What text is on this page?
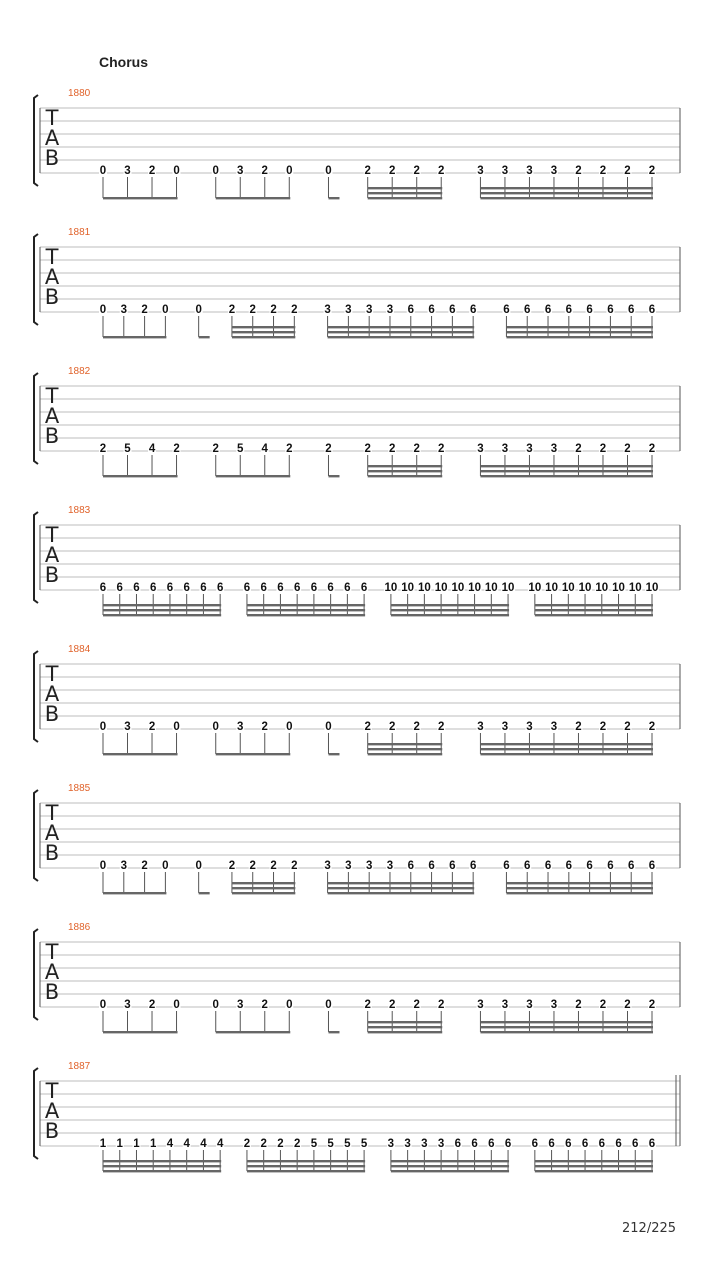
Chorus
1880
T
A
B
0 3 2 0	0 3 2 0	0	2 2 2 2	3 3 3 3 2 2 2 2
1881
T
A
B
0 3 2 0 0 2 2 2 2 3 3 3 3 6 6 6 6 6 6 6 6 6 6 6 6
1882
T
A
B
2 5 4 2	2 5 4 2	2	2 2 2 2	3 3 3 3 2 2 2 2
1883
T
A
B
6 6 6 6 6 6 6 6 6 6 6 6 6 6 6 6 10 10 10 10 10 10 10 10 10 10 10 10 10 10 10 10
1884
T
A
B
0 3 2 0	0 3 2 0	0	2 2 2 2	3 3 3 3 2 2 2 2
1885
T
A
B
0 3 2 0 0 2 2 2 2 3 3 3 3 6 6 6 6 6 6 6 6 6 6 6 6
1886
T
A
B
0 3 2 0	0 3 2 0	0	2 2 2 2	3 3 3 3 2 2 2 2
1887
T
A
B
1 1 1 1 4 4 4 4 2 2 2 2 5 5 5 5 3 3 3 3 6 6 6 6 6 6 6 6 6 6 6 6
212/225
